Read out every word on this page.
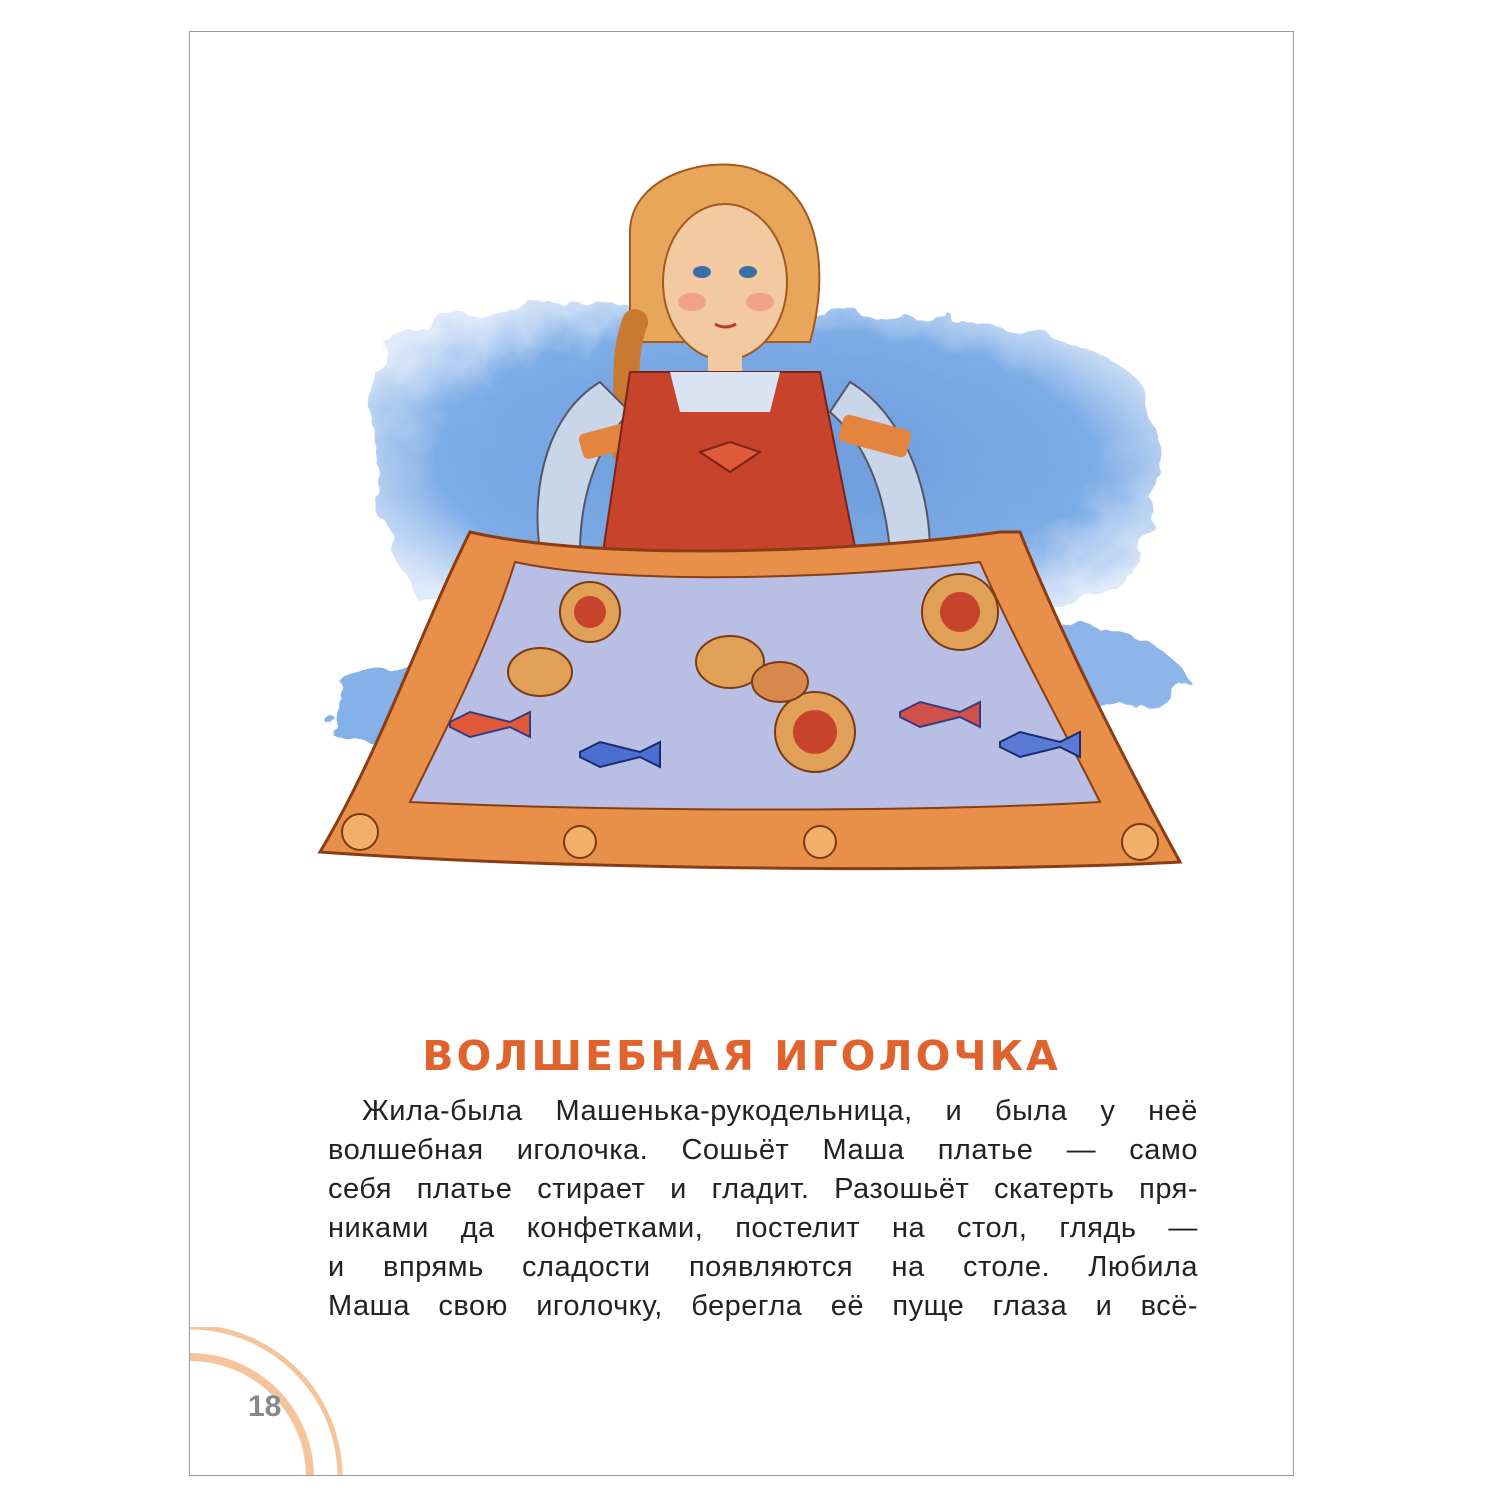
ВОЛШЕБНАЯ ИГОЛОЧКА
Жила-была Машенька-рукодельница, и была у неё
волшебная иголочка. Сошьёт Маша платье — само
себя платье стирает и гладит. Разошьёт скатерть пря-
никами да конфетками, постелит на стол, глядь —
и впрямь сладости появляются на столе. Любила
Маша свою иголочку, берегла её пуще глаза и всё-
18
